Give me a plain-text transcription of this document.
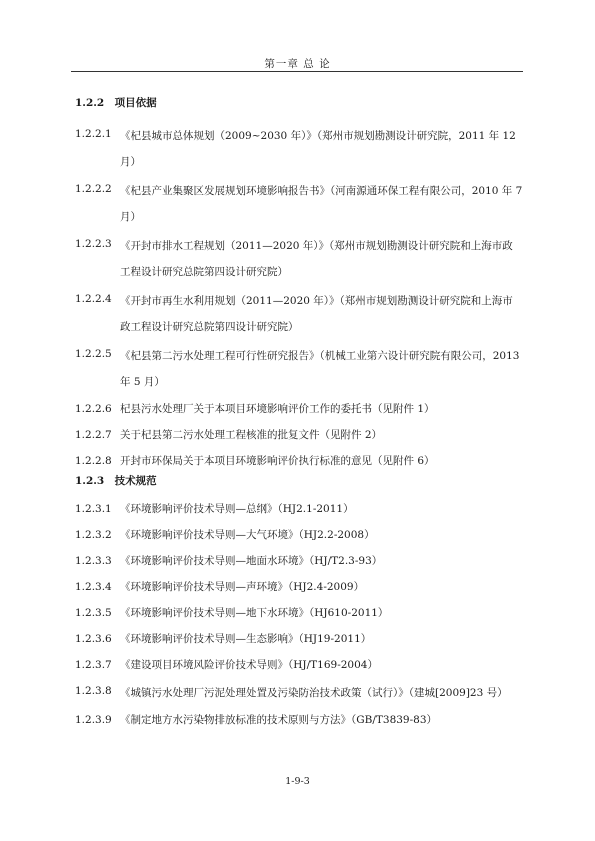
第一章 总 论
1.2.2 项目依据
1.2.2.1 《杞县城市总体规划（2009~2030 年）》（郑州市规划勘测设计研究院，2011 年 12 月）
1.2.2.2 《杞县产业集聚区发展规划环境影响报告书》（河南源通环保工程有限公司，2010 年 7 月）
1.2.2.3 《开封市排水工程规划（2011—2020 年）》（郑州市规划勘测设计研究院和上海市政工程设计研究总院第四设计研究院）
1.2.2.4 《开封市再生水利用规划（2011—2020 年）》（郑州市规划勘测设计研究院和上海市政工程设计研究总院第四设计研究院）
1.2.2.5 《杞县第二污水处理工程可行性研究报告》（机械工业第六设计研究院有限公司，2013 年 5 月）
1.2.2.6 杞县污水处理厂关于本项目环境影响评价工作的委托书（见附件 1）
1.2.2.7 关于杞县第二污水处理工程核准的批复文件（见附件 2）
1.2.2.8 开封市环保局关于本项目环境影响评价执行标准的意见（见附件 6）
1.2.3 技术规范
1.2.3.1 《环境影响评价技术导则—总纲》（HJ2.1-2011）
1.2.3.2 《环境影响评价技术导则—大气环境》（HJ2.2-2008）
1.2.3.3 《环境影响评价技术导则—地面水环境》（HJ/T2.3-93）
1.2.3.4 《环境影响评价技术导则—声环境》（HJ2.4-2009）
1.2.3.5 《环境影响评价技术导则—地下水环境》（HJ610-2011）
1.2.3.6 《环境影响评价技术导则—生态影响》（HJ19-2011）
1.2.3.7 《建设项目环境风险评价技术导则》（HJ/T169-2004）
1.2.3.8 《城镇污水处理厂污泥处理处置及污染防治技术政策（试行）》（建城[2009]23 号）
1.2.3.9 《制定地方水污染物排放标准的技术原则与方法》（GB/T3839-83）
1-9-3
